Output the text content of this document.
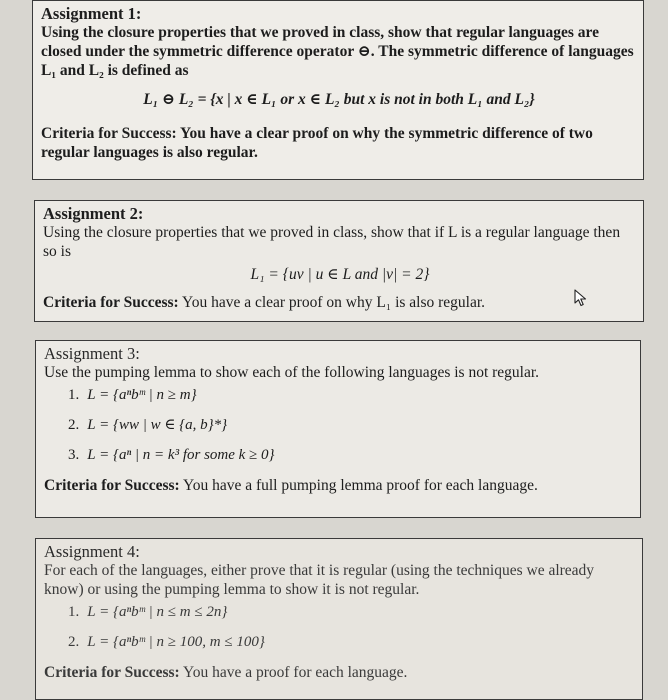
Assignment 1:
Using the closure properties that we proved in class, show that regular languages are closed under the symmetric difference operator ⊖. The symmetric difference of languages L₁ and L₂ is defined as
L₁ ⊖ L₂ = {x | x ∈ L₁ or x ∈ L₂ but x is not in both L₁ and L₂}
Criteria for Success: You have a clear proof on why the symmetric difference of two regular languages is also regular.
Assignment 2:
Using the closure properties that we proved in class, show that if L is a regular language then so is
L₁ = {uv | u ∈ L and |v| = 2}
Criteria for Success: You have a clear proof on why L₁ is also regular.
Assignment 3:
Use the pumping lemma to show each of the following languages is not regular.
1. L = {aⁿbᵐ | n ≥ m}
2. L = {ww | w ∈ {a, b}*}
3. L = {aⁿ | n = k³ for some k ≥ 0}
Criteria for Success: You have a full pumping lemma proof for each language.
Assignment 4:
For each of the languages, either prove that it is regular (using the techniques we already know) or using the pumping lemma to show it is not regular.
1. L = {aⁿbᵐ | n ≤ m ≤ 2n}
2. L = {aⁿbᵐ | n ≥ 100, m ≤ 100}
Criteria for Success: You have a proof for each language.
